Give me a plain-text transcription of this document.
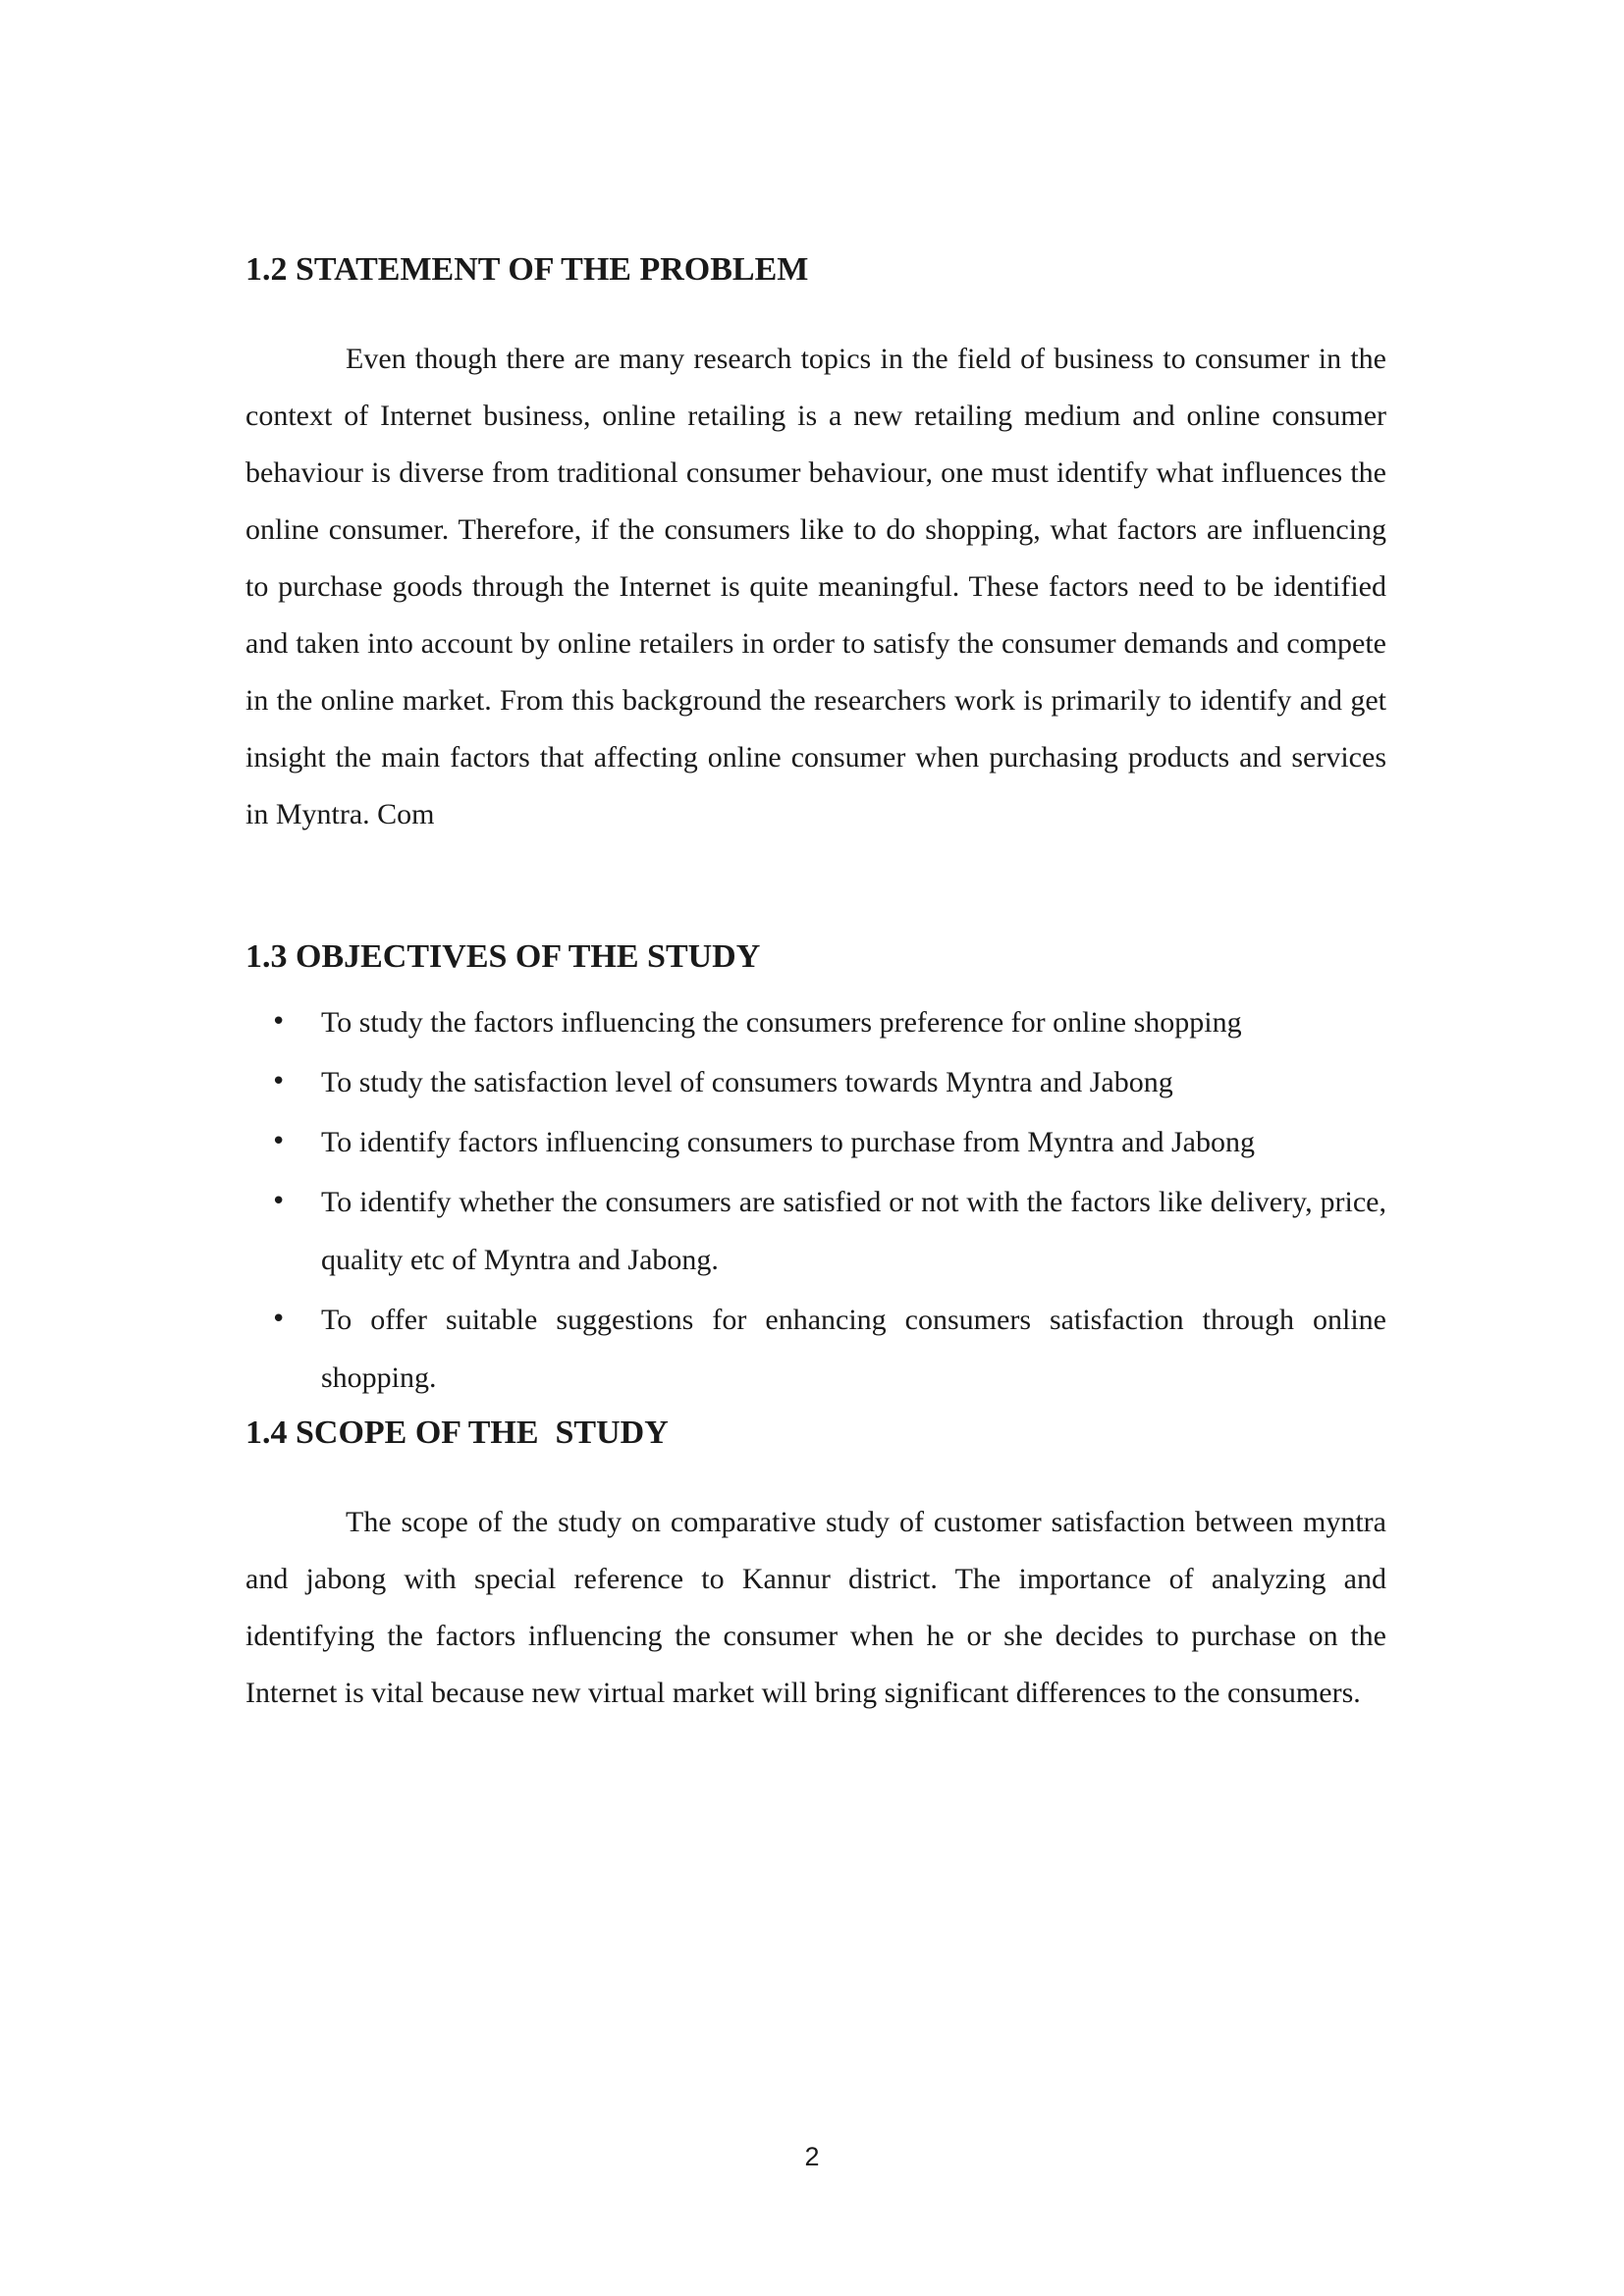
1.2 STATEMENT OF THE PROBLEM

Even though there are many research topics in the field of business to consumer in the context of Internet business, online retailing is a new retailing medium and online consumer behaviour is diverse from traditional consumer behaviour, one must identify what influences the online consumer. Therefore, if the consumers like to do shopping, what factors are influencing to purchase goods through the Internet is quite meaningful. These factors need to be identified and taken into account by online retailers in order to satisfy the consumer demands and compete in the online market. From this background the researchers work is primarily to identify and get insight the main factors that affecting online consumer when purchasing products and services in Myntra. Com

1.3 OBJECTIVES OF THE STUDY
• To study the factors influencing the consumers preference for online shopping
• To study the satisfaction level of consumers towards Myntra and Jabong
• To identify factors influencing consumers to purchase from Myntra and Jabong
• To identify whether the consumers are satisfied or not with the factors like delivery, price, quality etc of Myntra and Jabong.
• To offer suitable suggestions for enhancing consumers satisfaction through online shopping.
1.4 SCOPE OF THE  STUDY

The scope of the study on comparative study of customer satisfaction between myntra and jabong with special reference to Kannur district. The importance of analyzing and identifying the factors influencing the consumer when he or she decides to purchase on the Internet is vital because new virtual market will bring significant differences to the consumers.

2
